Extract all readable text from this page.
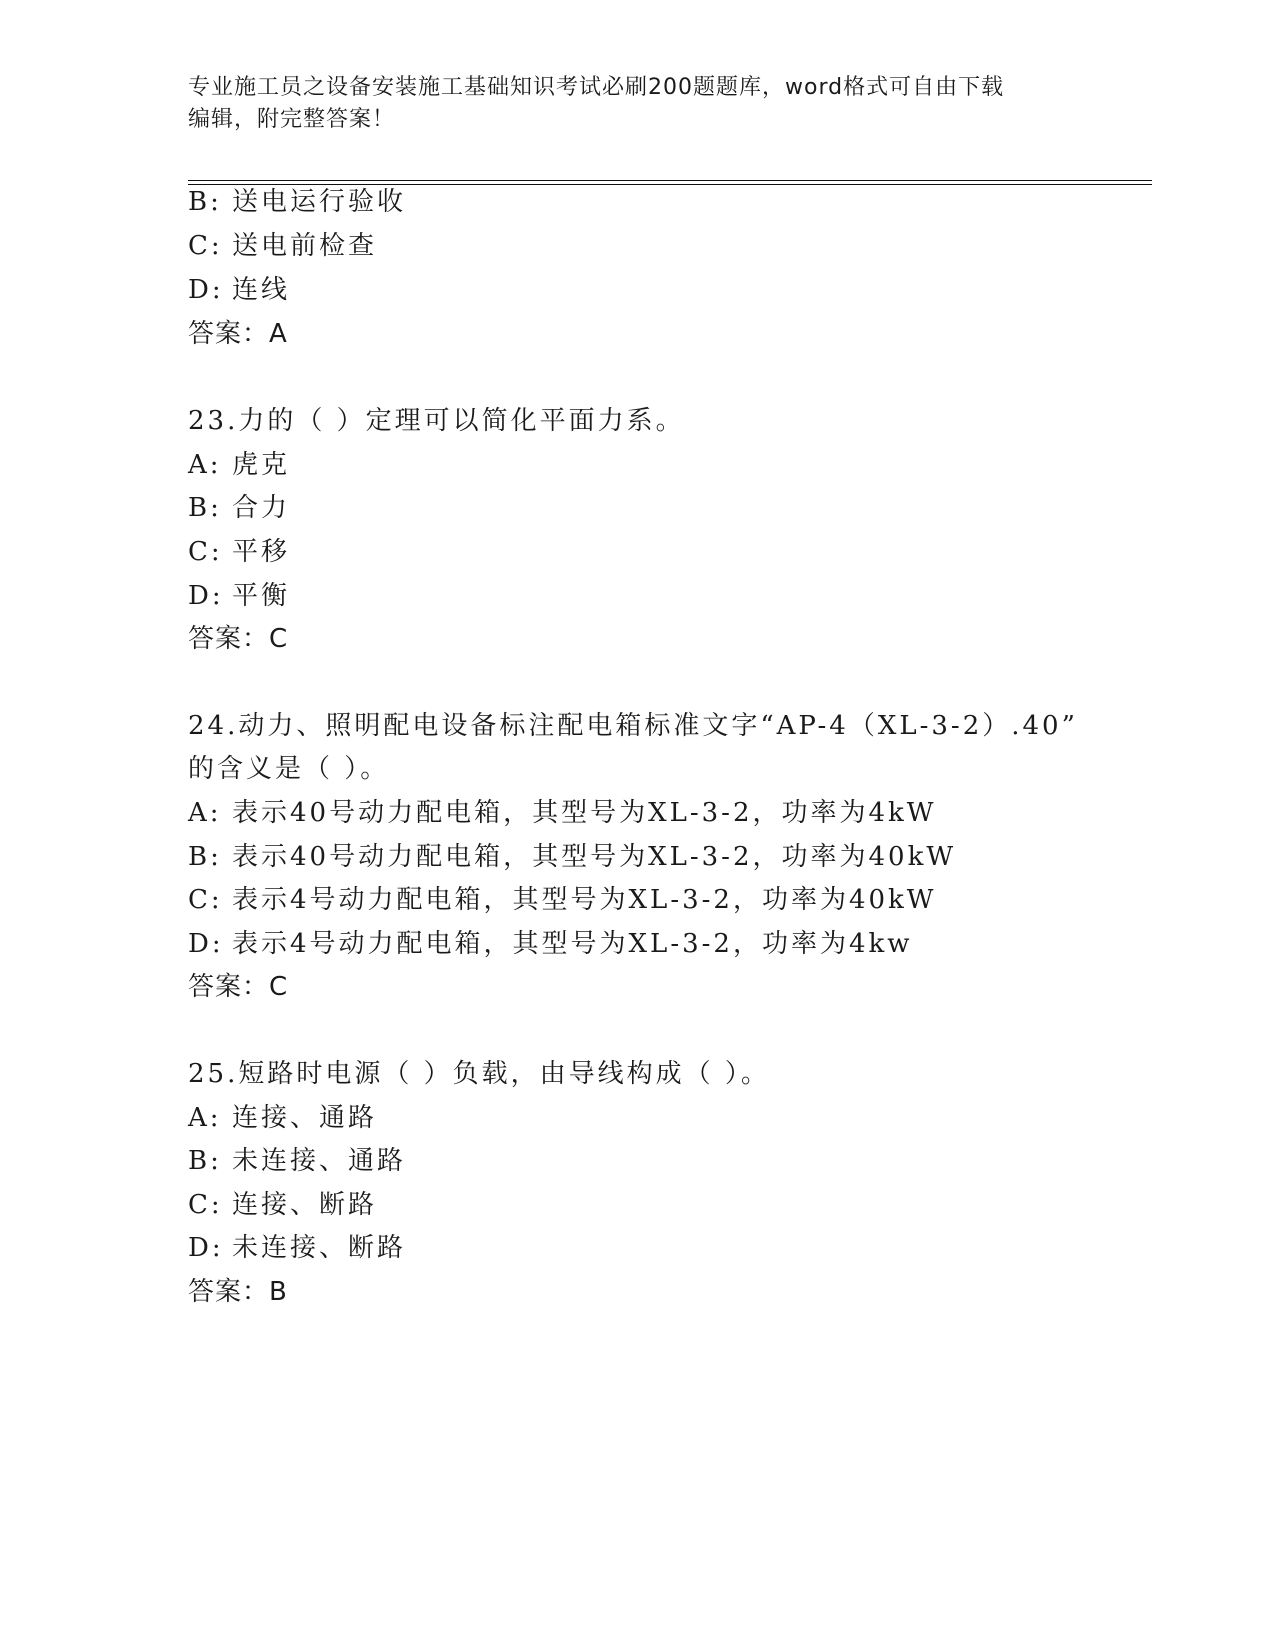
专业施工员之设备安装施工基础知识考试必刷200题题库，word格式可自由下载
编辑，附完整答案！
B: 送电运行验收
C: 送电前检查
D: 连线
答案：A
23.力的（ ）定理可以简化平面力系。
A: 虎克
B: 合力
C: 平移
D: 平衡
答案：C
24.动力、照明配电设备标注配电箱标准文字“AP-4（XL-3-2）.40”
的含义是（ ）。
A: 表示40号动力配电箱，其型号为XL-3-2，功率为4kW
B: 表示40号动力配电箱，其型号为XL-3-2，功率为40kW
C: 表示4号动力配电箱，其型号为XL-3-2，功率为40kW
D: 表示4号动力配电箱，其型号为XL-3-2，功率为4kw
答案：C
25.短路时电源（ ）负载，由导线构成（ ）。
A: 连接、通路
B: 未连接、通路
C: 连接、断路
D: 未连接、断路
答案：B
